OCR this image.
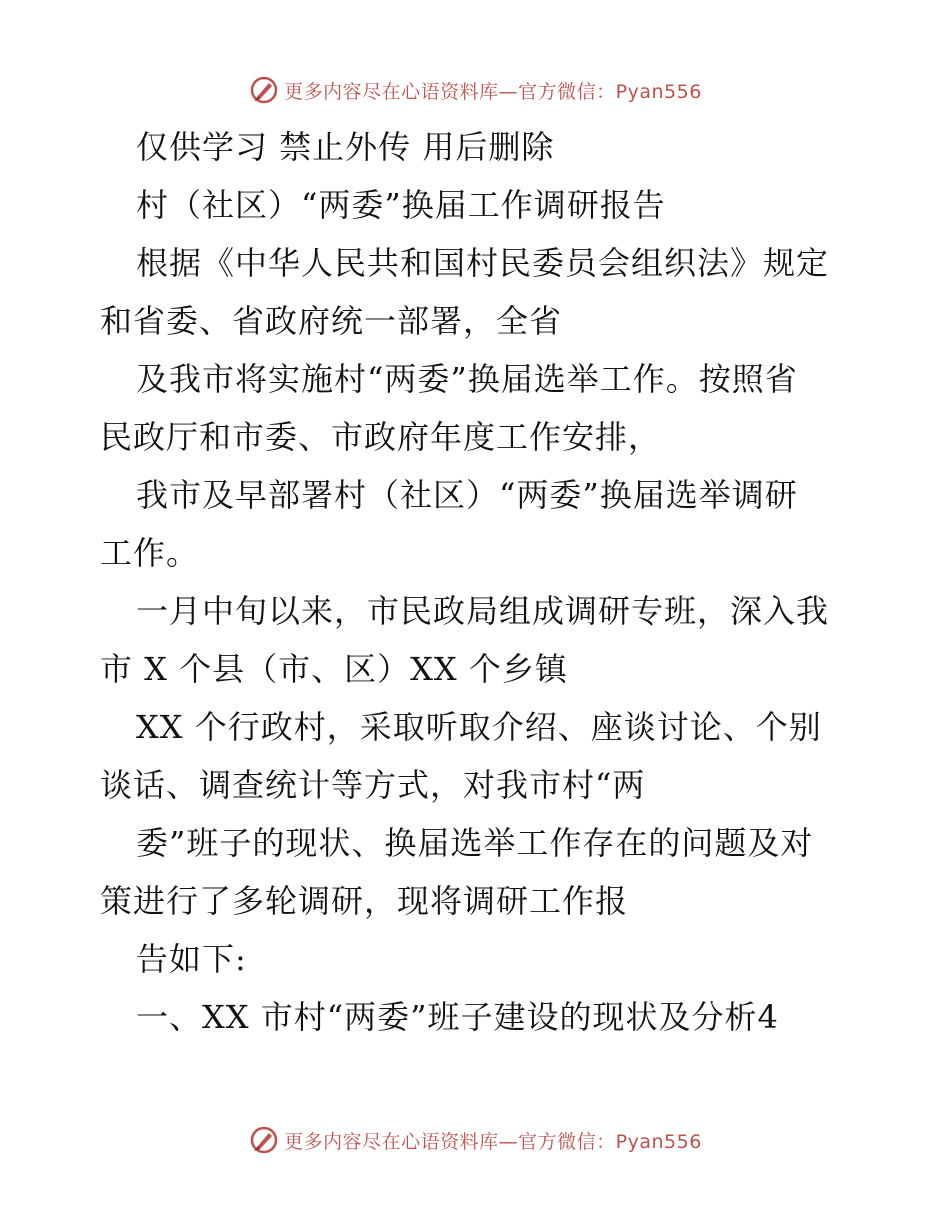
更多内容尽在心语资料库—官方微信：Pyan556
仅供学习 禁止外传 用后删除
村（社区）“两委”换届工作调研报告
根据《中华人民共和国村民委员会组织法》规定
和省委、省政府统一部署，全省
及我市将实施村“两委”换届选举工作。按照省
民政厅和市委、市政府年度工作安排，
我市及早部署村（社区）“两委”换届选举调研
工作。
一月中旬以来，市民政局组成调研专班，深入我
市 X 个县（市、区）XX 个乡镇
XX 个行政村，采取听取介绍、座谈讨论、个别
谈话、调查统计等方式，对我市村“两
委”班子的现状、换届选举工作存在的问题及对
策进行了多轮调研，现将调研工作报
告如下:
一、XX 市村“两委”班子建设的现状及分析4
更多内容尽在心语资料库—官方微信：Pyan556
